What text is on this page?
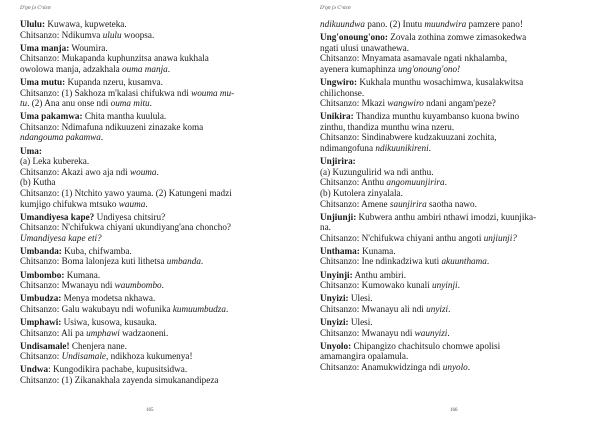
Ŋ'ŋʊ ʃə Cʰɩlɛʊ
Ululu: Kuwawa, kupweteka.
Chitsanzo: Ndikumva ululu woopsa.
Uma manja: Woumira.
Chitsanzo: Mukapanda kuphunzitsa anawa kukhala
owolowa manja, adzakhala ouma manja.
Uma mutu: Kupanda nzeru, kusamva.
Chitsanzo: (1) Sakhoza m'kalasi chifukwa ndi wouma mu-
tu. (2) Ana anu onse ndi ouma mitu.
Uma pakamwa: Chita mantha kuulula.
Chitsanzo: Ndimafuna ndikuuzeni zinazake koma
ndangouma pakamwa.
Uma:
(a) Leka kubereka.
Chitsanzo: Akazi awo aja ndi wouma.
(b) Kutha
Chitsanzo: (1) Ntchito yawo yauma. (2) Katungeni madzi
kumjigo chifukwa mtsuko wauma.
Umandiyesa kape? Undiyesa chitsiru?
Chitsanzo: N'chifukwa chiyani ukundiyang'ana choncho?
Umandiyesa kape eti?
Umbanda: Kuba, chifwamba.
Chitsanzo: Boma lalonjeza kuti lithetsa umbanda.
Umbombo: Kumana.
Chitsanzo: Mwanayu ndi waumbombo.
Umbudza: Menya modetsa nkhawa.
Chitsanzo: Galu wakubayu ndi wofunika kumuumbudza.
Umphawi: Usiwa, kusowa, kusauka.
Chitsanzo: Ali pa umphawi wadzaoneni.
Undisamale! Chenjera nane.
Chitsanzo: Undisamale, ndikhoza kukumenya!
Undwa: Kungodikira pachabe, kupusitsidwa.
Chitsanzo: (1) Zikanakhala zayenda simukanandipeza
165
Ŋ'ŋʊ ʃə Cʰɩlɛʊ
ndikuundwa pano. (2) Inutu muundwira pamzere pano!
Ung'onoung'ono: Zovala zothina zomwe zimasokedwa
ngati ulusi unawathewa.
Chitsanzo: Mnyamata asamavale ngati nkhalamba,
ayenera kumaphinza ung'onoung'ono!
Ungwiro: Kukhala munthu wosachimwa, kusalakwitsa
chilichonse.
Chitsanzo: Mkazi wangwiro ndani angam'peze?
Unikira: Thandiza munthu kuyambanso kuona bwino
zinthu, thandiza munthu wina nzeru.
Chitsanzo: Sindinabwere kudzakuuzani zochita,
ndimangofuna ndikuunikireni.
Unjirira:
(a) Kuzungulirid wa ndi anthu.
Chitsanzo: Anthu angomuunjirira.
(b) Kutolera zinyalala.
Chitsanzo: Amene saunjirira saotha nawo.
Unjiunji: Kubwera anthu ambiri nthawi imodzi, kuunjika-
na.
Chitsanzo: N'chifukwa chiyani anthu angoti unjiunji?
Unthama: Kunama.
Chitsanzo: Ine ndinkadziwa kuti akuunthama.
Unyinji: Anthu ambiri.
Chitsanzo: Kumowako kunali unyinji.
Unyizi: Ulesi.
Chitsanzo: Mwanayu ali ndi unyizi.
Unyizi: Ulesi.
Chitsanzo: Mwanayu ndi waunyizi.
Unyolo: Chipangizo chachitsulo chomwe apolisi
amamangira opalamula.
Chitsanzo: Anamukwidzinga ndi unyolo.
166
